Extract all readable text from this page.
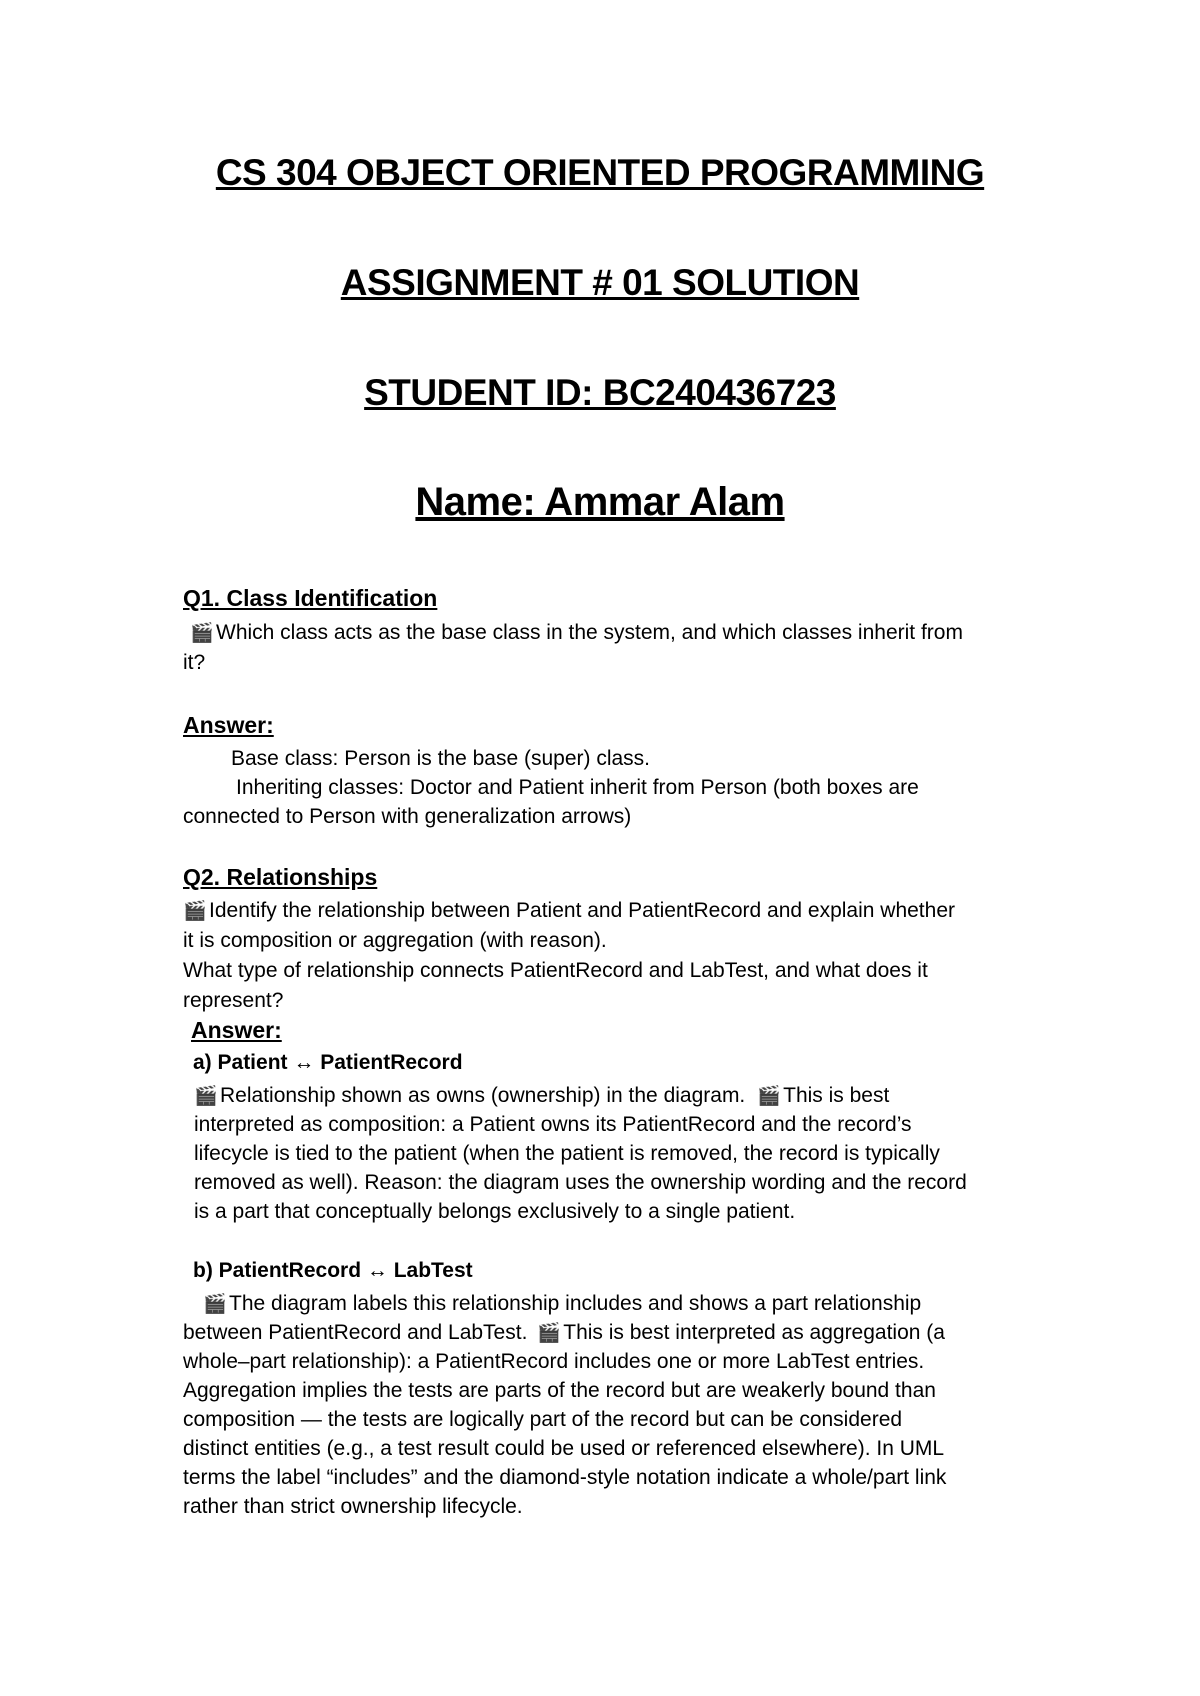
CS 304 OBJECT ORIENTED PROGRAMMING
ASSIGNMENT # 01 SOLUTION
STUDENT ID: BC240436723
Name: Ammar Alam
Q1. Class Identification
🎬 Which class acts as the base class in the system, and which classes inherit from
it?
Answer:
Base class: Person is the base (super) class.
Inheriting classes: Doctor and Patient inherit from Person (both boxes are
connected to Person with generalization arrows)
Q2. Relationships
🎬 Identify the relationship between Patient and PatientRecord and explain whether
it is composition or aggregation (with reason).
What type of relationship connects PatientRecord and LabTest, and what does it
represent?
Answer:
a) Patient ↔ PatientRecord
🎬 Relationship shown as owns (ownership) in the diagram. 🎬 This is best
interpreted as composition: a Patient owns its PatientRecord and the record’s
lifecycle is tied to the patient (when the patient is removed, the record is typically
removed as well). Reason: the diagram uses the ownership wording and the record
is a part that conceptually belongs exclusively to a single patient.
b) PatientRecord ↔ LabTest
🎬 The diagram labels this relationship includes and shows a part relationship
between PatientRecord and LabTest. 🎬 This is best interpreted as aggregation (a
whole–part relationship): a PatientRecord includes one or more LabTest entries.
Aggregation implies the tests are parts of the record but are weakerly bound than
composition — the tests are logically part of the record but can be considered
distinct entities (e.g., a test result could be used or referenced elsewhere). In UML
terms the label “includes” and the diamond-style notation indicate a whole/part link
rather than strict ownership lifecycle.
